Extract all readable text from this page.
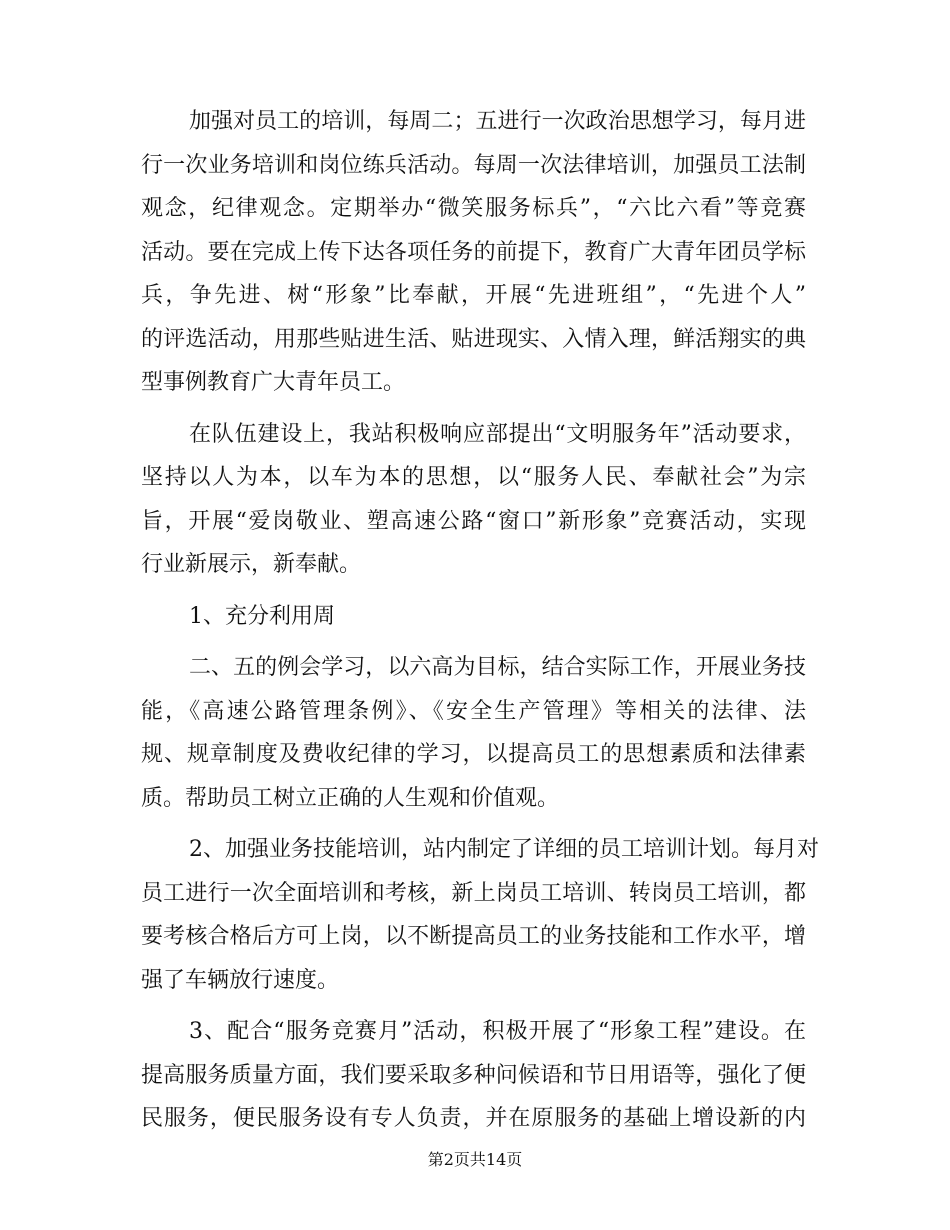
加强对员工的培训，每周二；五进行一次政治思想学习，每月进
行一次业务培训和岗位练兵活动。每周一次法律培训，加强员工法制
观念，纪律观念。定期举办“微笑服务标兵”，“六比六看”等竞赛
活动。要在完成上传下达各项任务的前提下，教育广大青年团员学标
兵，争先进、树“形象”比奉献，开展“先进班组”，“先进个人”
的评选活动，用那些贴进生活、贴进现实、入情入理，鲜活翔实的典
型事例教育广大青年员工。
在队伍建设上，我站积极响应部提出“文明服务年”活动要求，
坚持以人为本，以车为本的思想，以“服务人民、奉献社会”为宗
旨，开展“爱岗敬业、塑高速公路“窗口”新形象”竞赛活动，实现
行业新展示，新奉献。
1、充分利用周
二、五的例会学习，以六高为目标，结合实际工作，开展业务技
能，《高速公路管理条例》、《安全生产管理》等相关的法律、法
规、规章制度及费收纪律的学习，以提高员工的思想素质和法律素
质。帮助员工树立正确的人生观和价值观。
2、加强业务技能培训，站内制定了详细的员工培训计划。每月对
员工进行一次全面培训和考核，新上岗员工培训、转岗员工培训，都
要考核合格后方可上岗，以不断提高员工的业务技能和工作水平，增
强了车辆放行速度。
3、配合“服务竞赛月”活动，积极开展了“形象工程”建设。在
提高服务质量方面，我们要采取多种问候语和节日用语等，强化了便
民服务，便民服务设有专人负责，并在原服务的基础上增设新的内
第2页共14页
